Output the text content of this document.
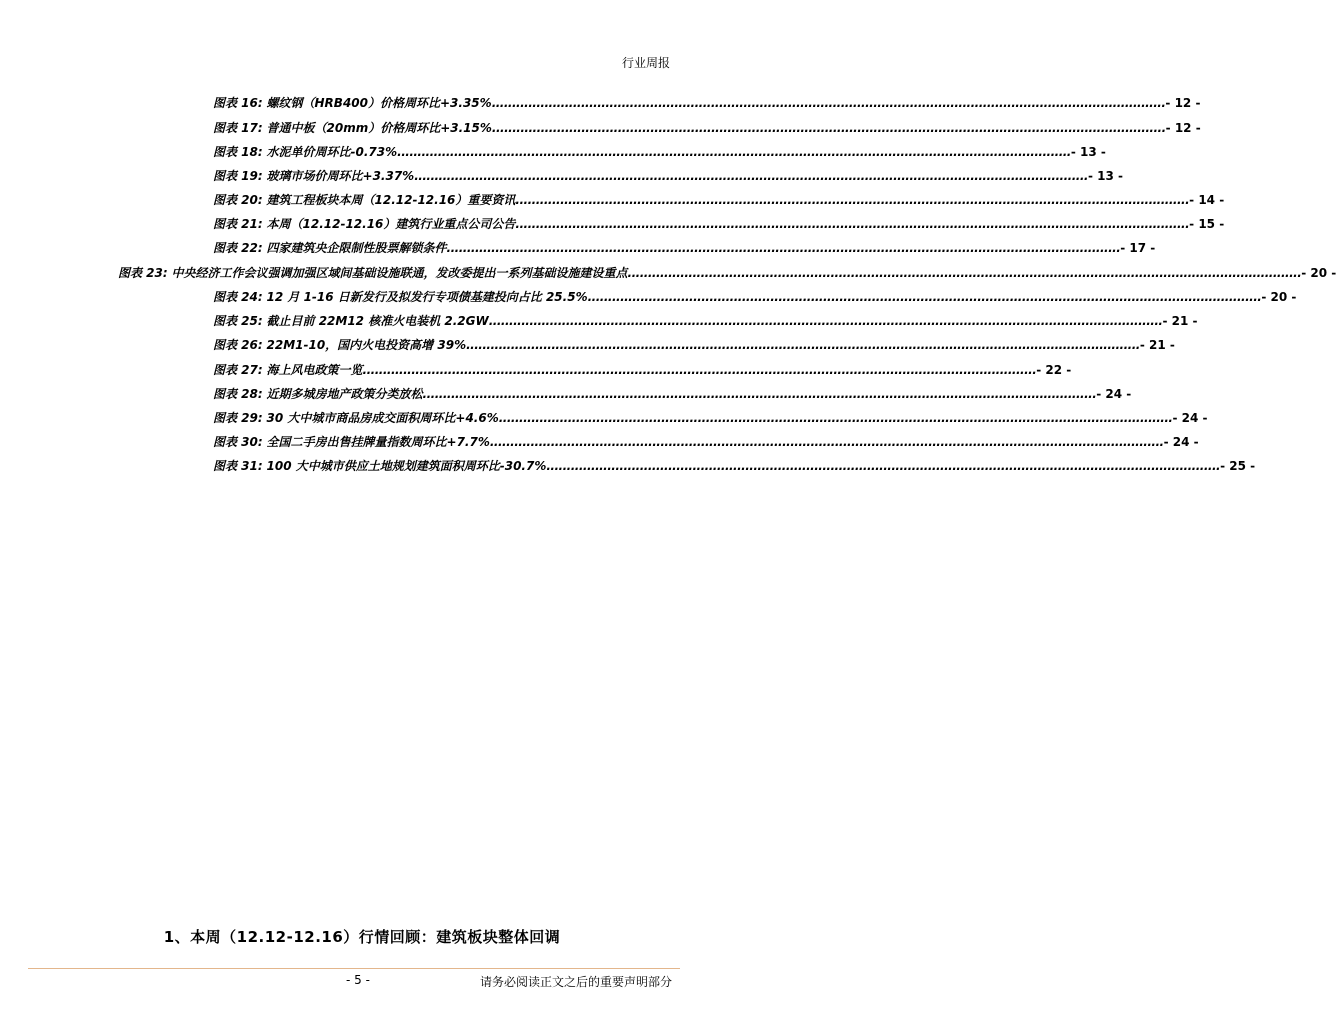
行业周报
图表 16:
螺纹钢（HRB400）价格周环比+3.35% .....	- 12 -
图表 17:
普通中板（20mm）价格周环比+3.15% .....	- 12 -
图表 18:
水泥单价周环比-0.73% .....	- 13 -
图表 19:
玻璃市场价周环比+3.37% .....	- 13 -
图表 20:
建筑工程板块本周（12.12-12.16）重要资讯 .....	- 14 -
图表 21:
本周（12.12-12.16）建筑行业重点公司公告 .....	- 15 -
图表 22:
四家建筑央企限制性股票解锁条件 .....	- 17 -
图表 23:
中央经济工作会议强调加强区域间基础设施联通，发改委提出一系列基础设施建设重点 .....	- 20 -
图表 24:
12 月 1-16 日新发行及拟发行专项债基建投向占比 25.5% .....	- 20 -
图表 25:
截止目前 22M12 核准火电装机 2.2GW .....	- 21 -
图表 26:
22M1-10，国内火电投资高增 39% .....	- 21 -
图表 27:
海上风电政策一览 .....	- 22 -
图表 28:
近期多城房地产政策分类放松 .....	- 24 -
图表 29:
30 大中城市商品房成交面积周环比+4.6% .....	- 24 -
图表 30:
全国二手房出售挂牌量指数周环比+7.7% .....	- 24 -
图表 31:
100 大中城市供应土地规划建筑面积周环比-30.7% .....	- 25 -
1、本周（12.12-12.16）行情回顾：建筑板块整体回调
- 5 -	请务必阅读正文之后的重要声明部分
